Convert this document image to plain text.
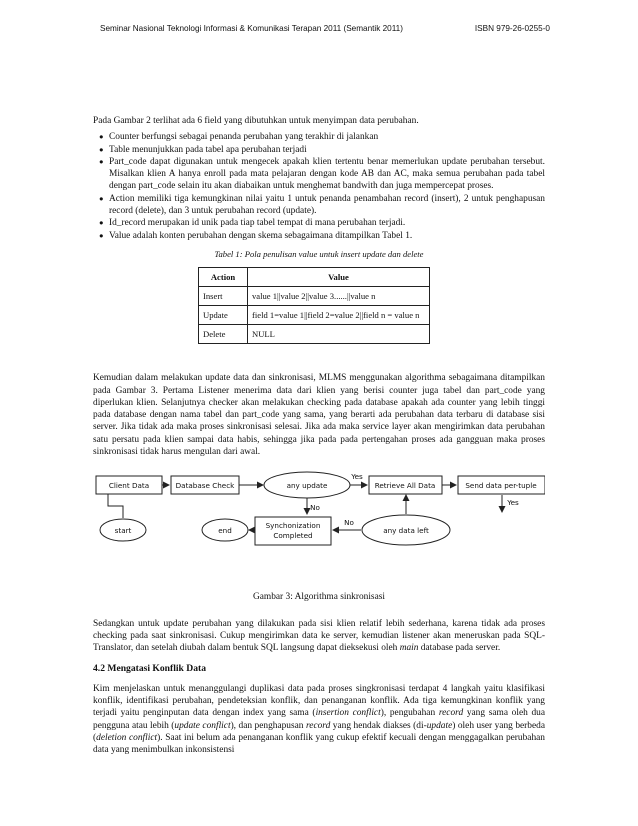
Seminar Nasional Teknologi Informasi & Komunikasi Terapan 2011 (Semantik 2011)	ISBN 979-26-0255-0

Pada Gambar 2 terlihat ada 6 field yang dibutuhkan untuk menyimpan data perubahan.

● Counter berfungsi sebagai penanda perubahan yang terakhir di jalankan
● Table menunjukkan pada tabel apa perubahan terjadi
● Part_code dapat digunakan untuk mengecek apakah klien tertentu benar memerlukan update perubahan tersebut. Misalkan klien A hanya enroll pada mata pelajaran dengan kode AB dan AC, maka semua perubahan pada tabel dengan part_code selain itu akan diabaikan untuk menghemat bandwith dan juga mempercepat proses.
● Action memiliki tiga kemungkinan nilai yaitu 1 untuk penanda penambahan record (insert), 2 untuk penghapusan record (delete), dan 3 untuk perubahan record (update).
● Id_record merupakan id unik pada tiap tabel tempat di mana perubahan terjadi.
● Value adalah konten perubahan dengan skema sebagaimana ditampilkan Tabel 1.
Tabel 1: Pola penulisan value untuk insert update dan delete
Action	Value
Insert	value 1||value 2||value 3......||value n
Update	field 1=value 1||field 2=value 2||field n = value n
Delete	NULL

Kemudian dalam melakukan update data dan sinkronisasi, MLMS menggunakan algorithma sebagaimana ditampilkan pada Gambar 3. Pertama Listener menerima data dari klien yang berisi counter juga tabel dan part_code yang diperlukan klien. Selanjutnya checker akan melakukan checking pada database apakah ada counter yang lebih tinggi pada database dengan nama tabel dan part_code yang sama, yang berarti ada perubahan data terbaru di database sisi server. Jika tidak ada maka proses sinkronisasi selesai. Jika ada maka service layer akan mengirimkan data perubahan satu persatu pada klien sampai data habis, sehingga jika pada pada pertengahan proses ada gangguan maka proses sinkronisasi tidak harus mengulan dari awal.

Client Data	Database Check	any update	Retrieve All Data	Send data per-tuple
start	end
Synchonization
Completed
any data left
Yes
No
Yes
No
Gambar 3: Algorithma sinkronisasi

Sedangkan untuk update perubahan yang dilakukan pada sisi klien relatif lebih sederhana, karena tidak ada proses checking pada saat sinkronisasi. Cukup mengirimkan data ke server, kemudian listener akan meneruskan pada SQL-Translator, dan setelah diubah dalam bentuk SQL langsung dapat dieksekusi oleh main database pada server.

4.2 Mengatasi Konflik Data

Kim menjelaskan untuk menanggulangi duplikasi data pada proses singkronisasi terdapat 4 langkah yaitu klasifikasi konflik, identifikasi perubahan, pendeteksian konflik, dan penanganan konflik. Ada tiga kemungkinan konflik yang terjadi yaitu penginputan data dengan index yang sama (insertion conflict), pengubahan record yang sama oleh dua pengguna atau lebih (update conflict), dan penghapusan record yang hendak diakses (di-update) oleh user yang berbeda (deletion conflict). Saat ini belum ada penanganan konflik yang cukup efektif kecuali dengan menggagalkan perubahan data yang menimbulkan inkonsistensi
